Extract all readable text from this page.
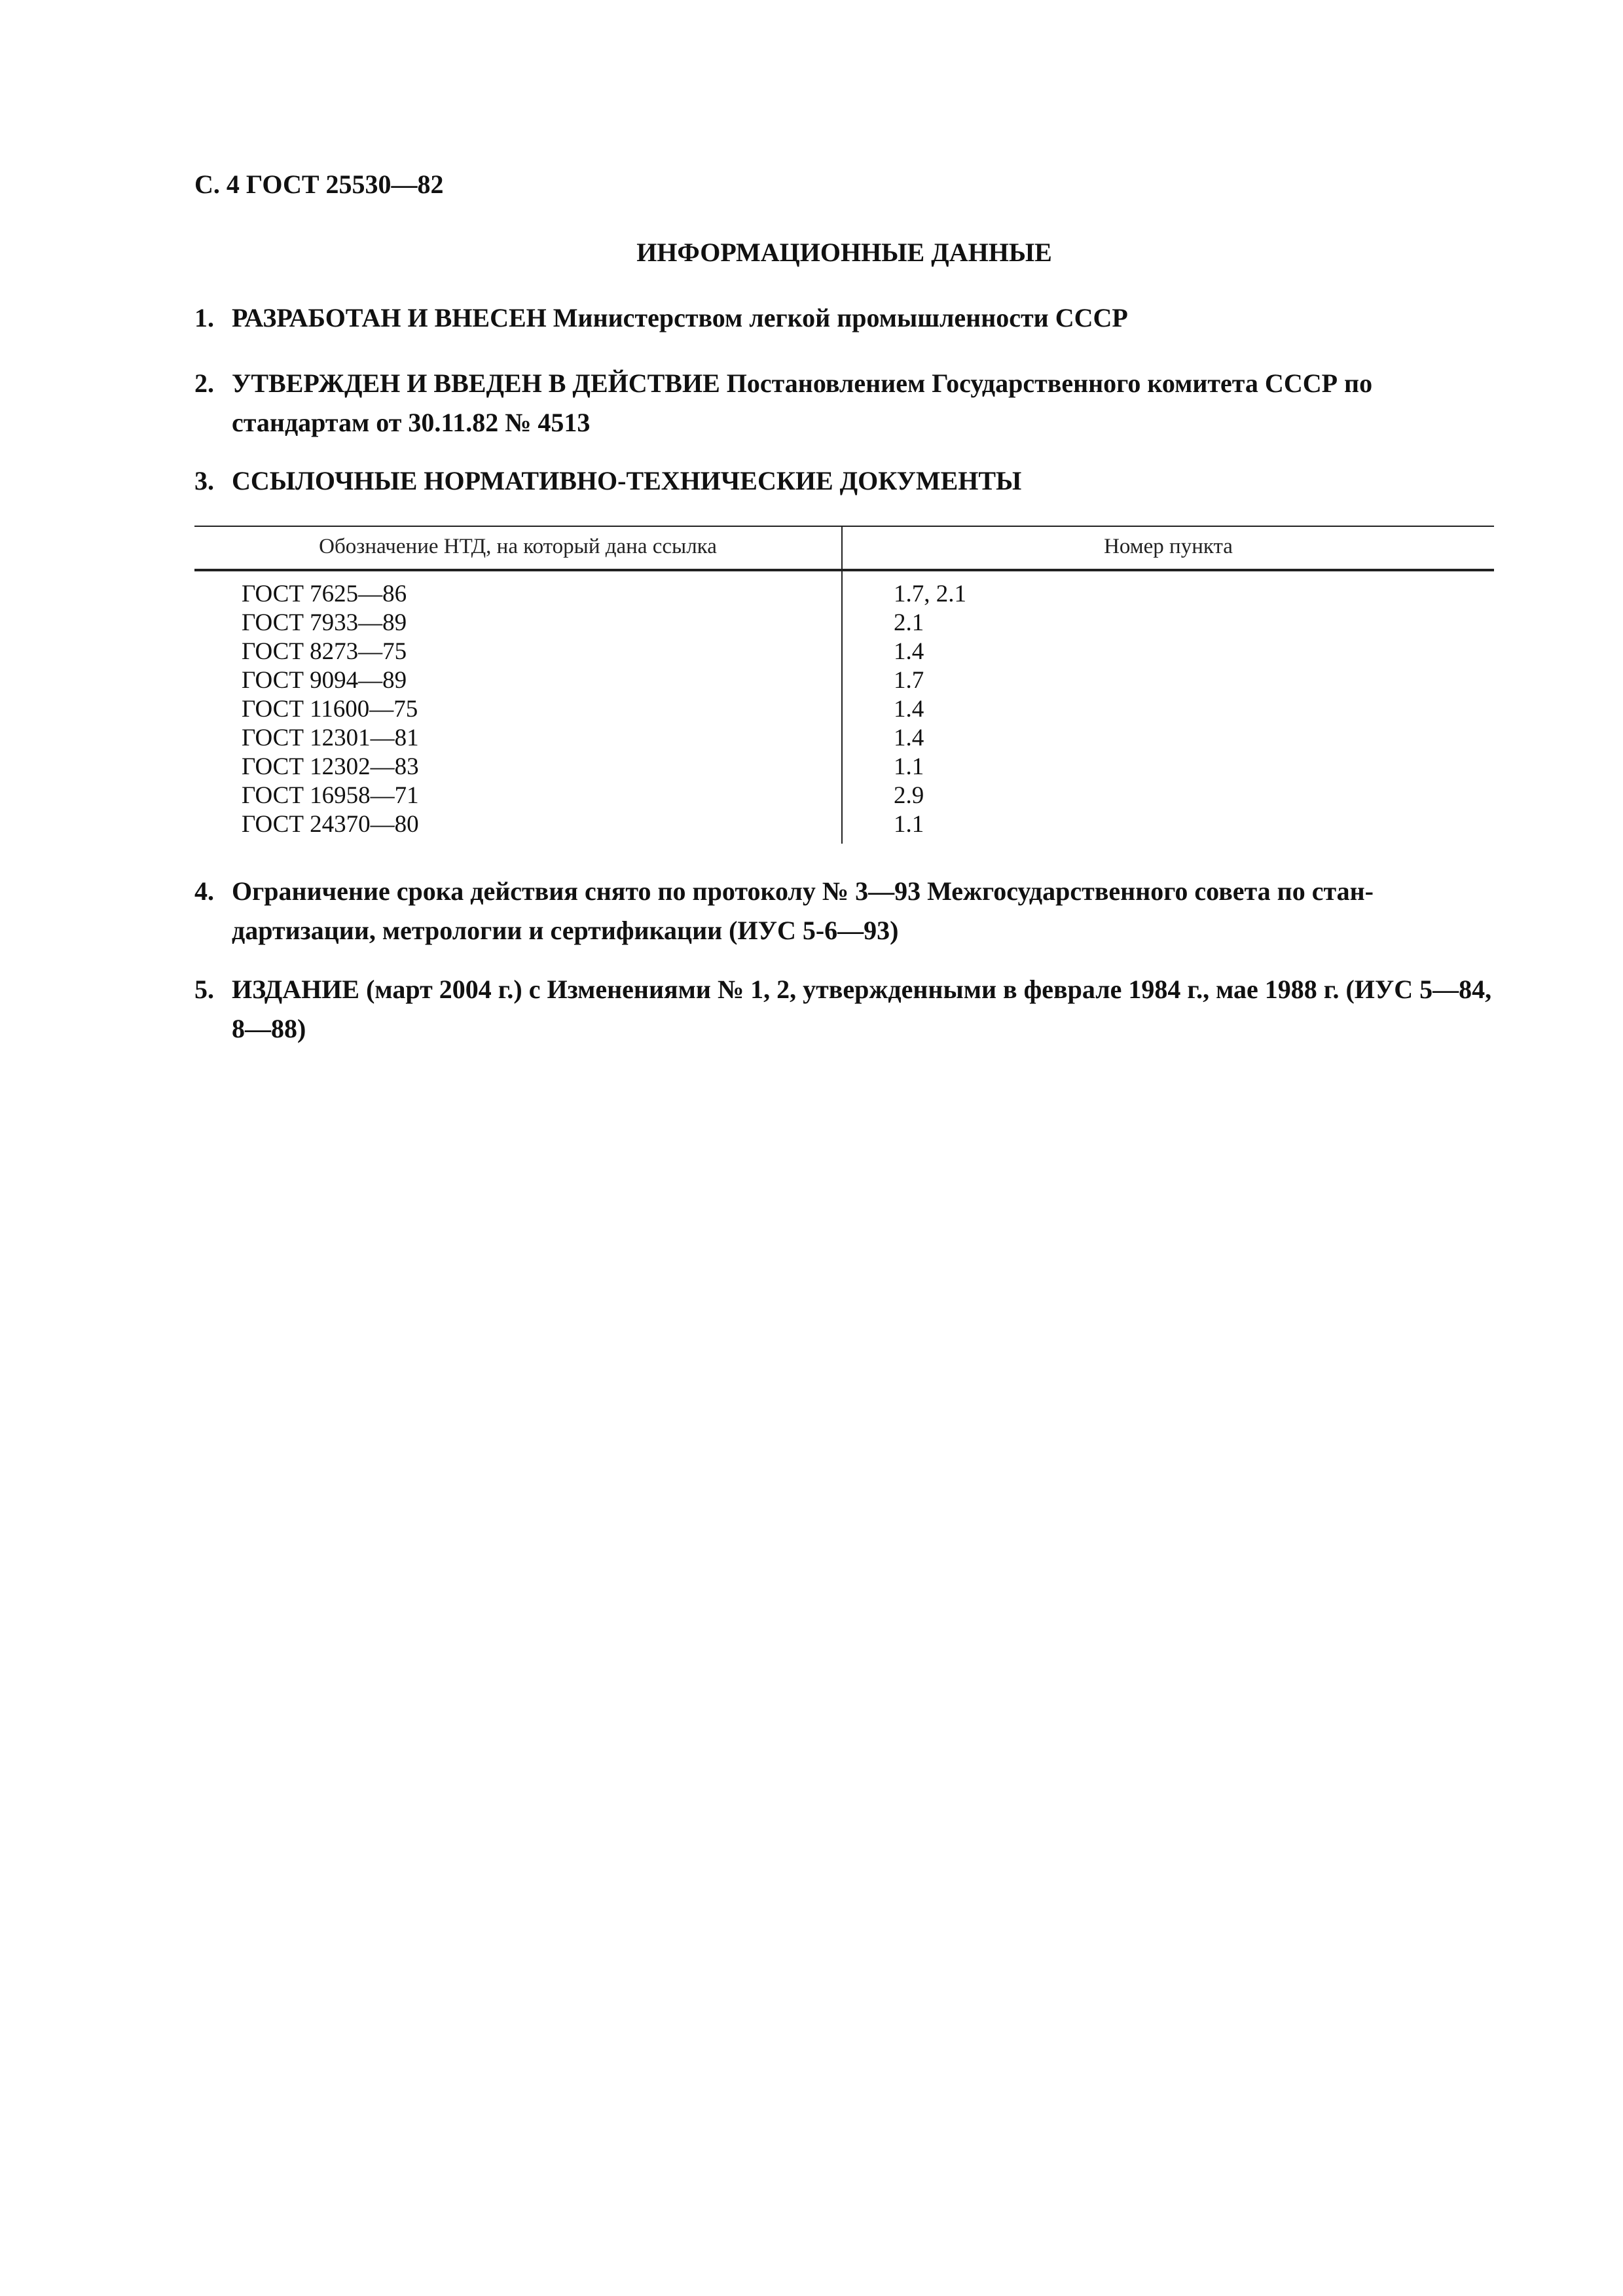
С. 4 ГОСТ 25530—82
ИНФОРМАЦИОННЫЕ ДАННЫЕ
1. РАЗРАБОТАН И ВНЕСЕН Министерством легкой промышленности СССР
2. УТВЕРЖДЕН И ВВЕДЕН В ДЕЙСТВИЕ Постановлением Государственного комитета СССР по стандартам от 30.11.82 № 4513
3. ССЫЛОЧНЫЕ НОРМАТИВНО-ТЕХНИЧЕСКИЕ ДОКУМЕНТЫ
Обозначение НТД, на который дана ссылка	Номер пункта
ГОСТ 7625—86	1.7, 2.1
ГОСТ 7933—89	2.1
ГОСТ 8273—75	1.4
ГОСТ 9094—89	1.7
ГОСТ 11600—75	1.4
ГОСТ 12301—81	1.4
ГОСТ 12302—83	1.1
ГОСТ 16958—71	2.9
ГОСТ 24370—80	1.1
4. Ограничение срока действия снято по протоколу № 3—93 Межгосударственного совета по стан-дартизации, метрологии и сертификации (ИУС 5-6—93)
5. ИЗДАНИЕ (март 2004 г.) с Изменениями № 1, 2, утвержденными в феврале 1984 г., мае 1988 г. (ИУС 5—84, 8—88)
